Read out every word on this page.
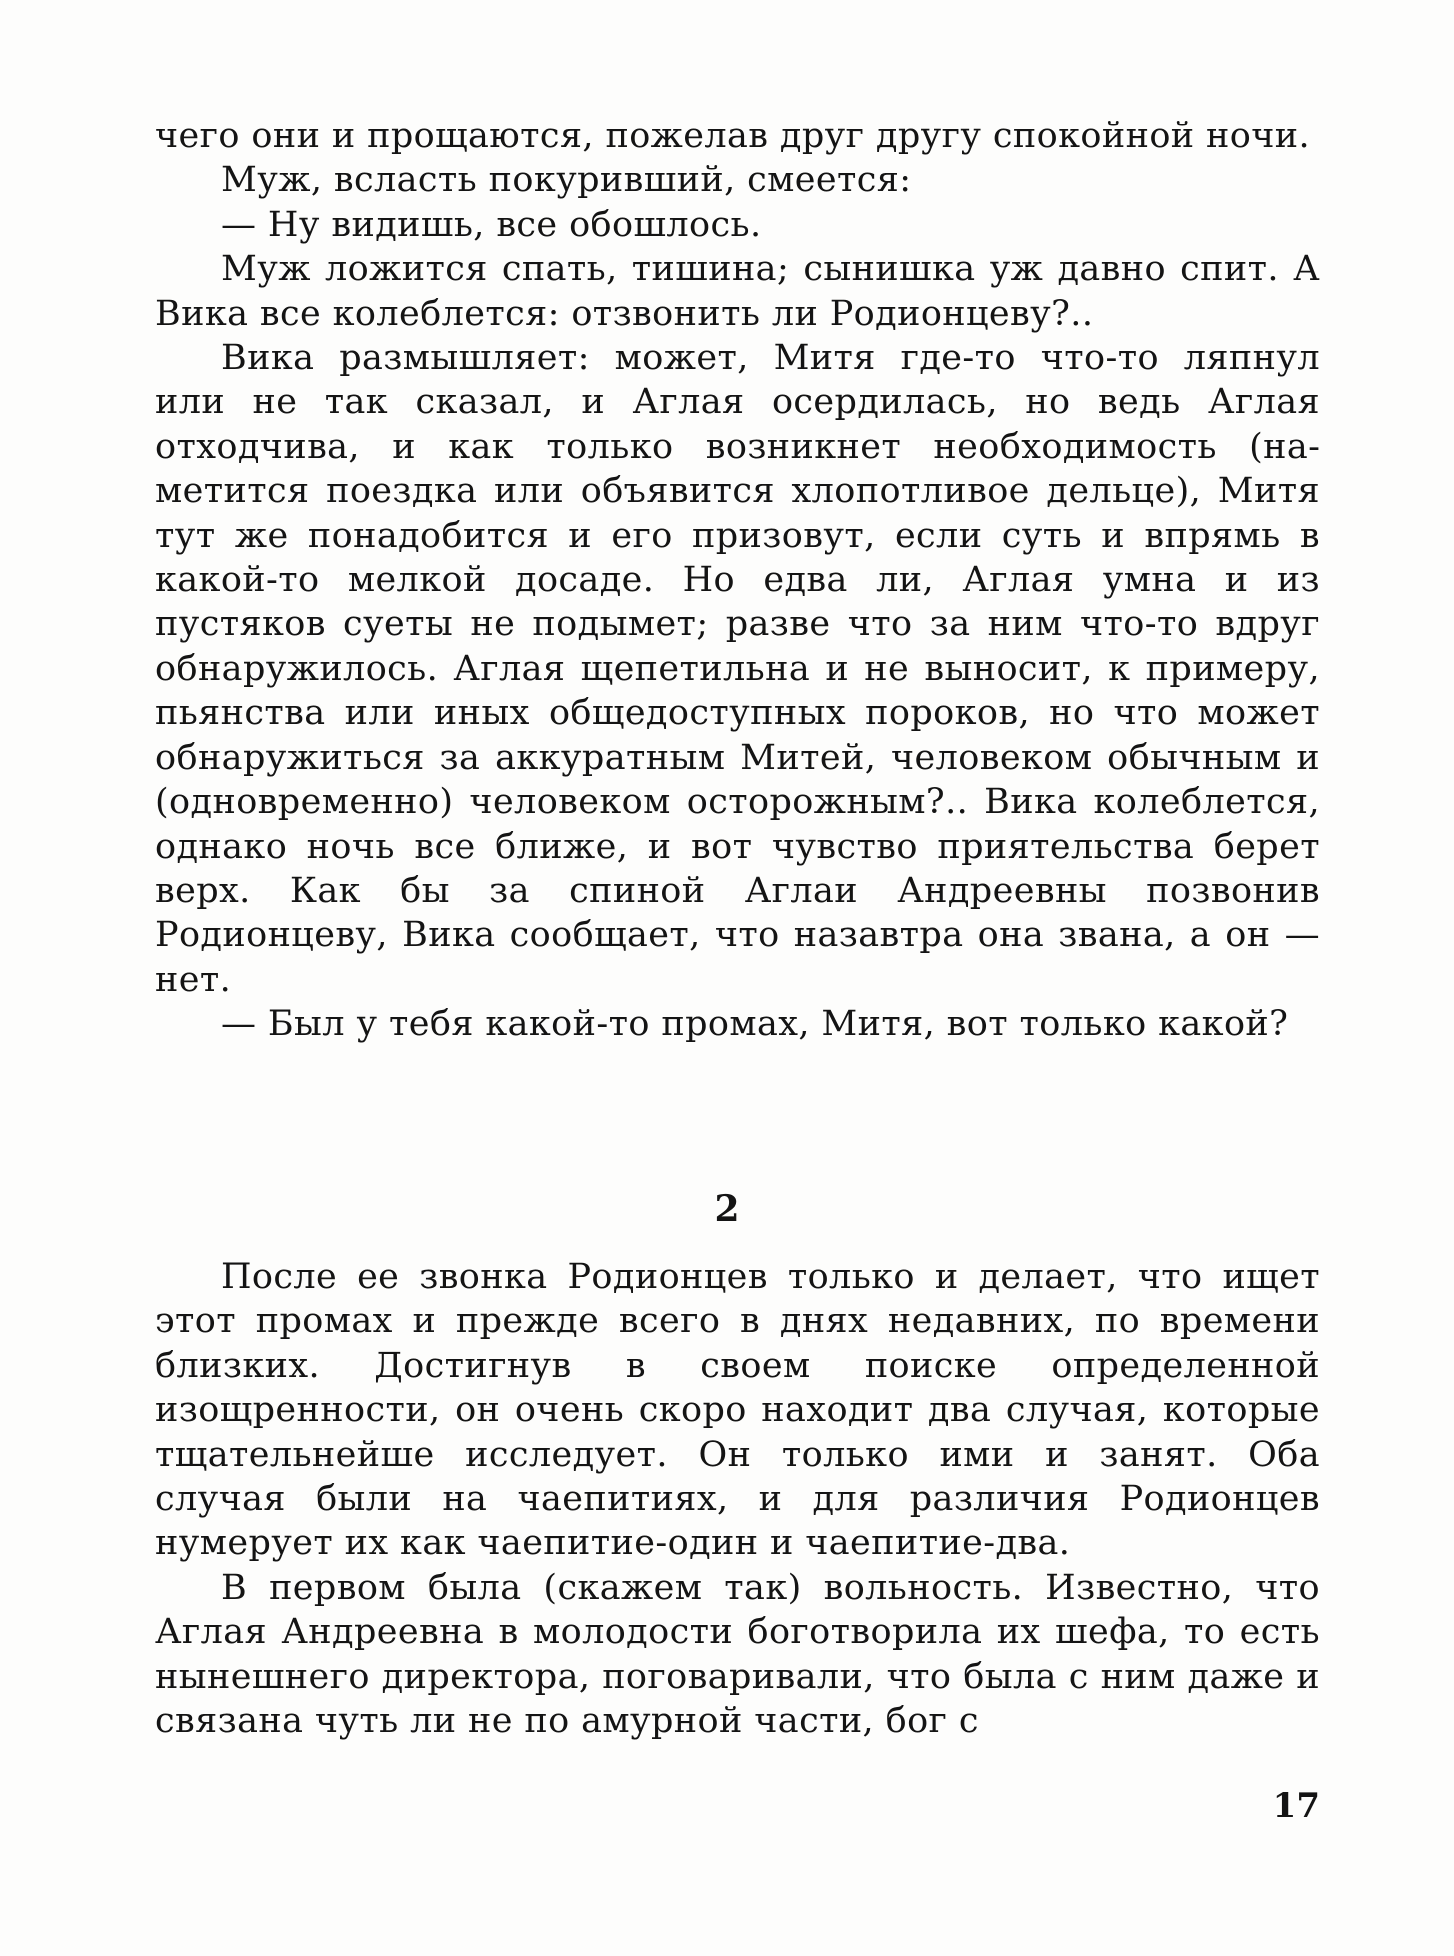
чего они и прощаются, пожелав друг другу спокойной ночи.

Муж, всласть покуривший, смеется:

— Ну видишь, все обошлось.

Муж ложится спать, тишина; сынишка уж давно спит. А Вика все колеблется: отзвонить ли Родионцеву?..

Вика размышляет: может, Митя где-то что-то ляпнул или не так сказал, и Аглая осердилась, но ведь Аглая отходчива, и как только возникнет необходимость (наметится поездка или объявится хлопотливое дельце), Митя тут же понадобится и его призовут, если суть и впрямь в какой-то мелкой досаде. Но едва ли, Аглая умна и из пустяков суеты не подымет; разве что за ним что-то вдруг обнаружилось. Аглая щепетильна и не выносит, к примеру, пьянства или иных общедоступных пороков, но что может обнаружиться за аккуратным Митей, человеком обычным и (одновременно) человеком осторожным?.. Вика колеблется, однако ночь все ближе, и вот чувство приятельства берет верх. Как бы за спиной Аглаи Андреевны позвонив Родионцеву, Вика сообщает, что назавтра она звана, а он — нет.

— Был у тебя какой-то промах, Митя, вот только какой?

2

После ее звонка Родионцев только и делает, что ищет этот промах и прежде всего в днях недавних, по времени близких. Достигнув в своем поиске определенной изощренности, он очень скоро находит два случая, которые тщательнейше исследует. Он только ими и занят. Оба случая были на чаепитиях, и для различия Родионцев нумерует их как чаепитие-один и чаепитие-два.

В первом была (скажем так) вольность. Известно, что Аглая Андреевна в молодости боготворила их шефа, то есть нынешнего директора, поговаривали, что была с ним даже и связана чуть ли не по амурной части, бог с

17
